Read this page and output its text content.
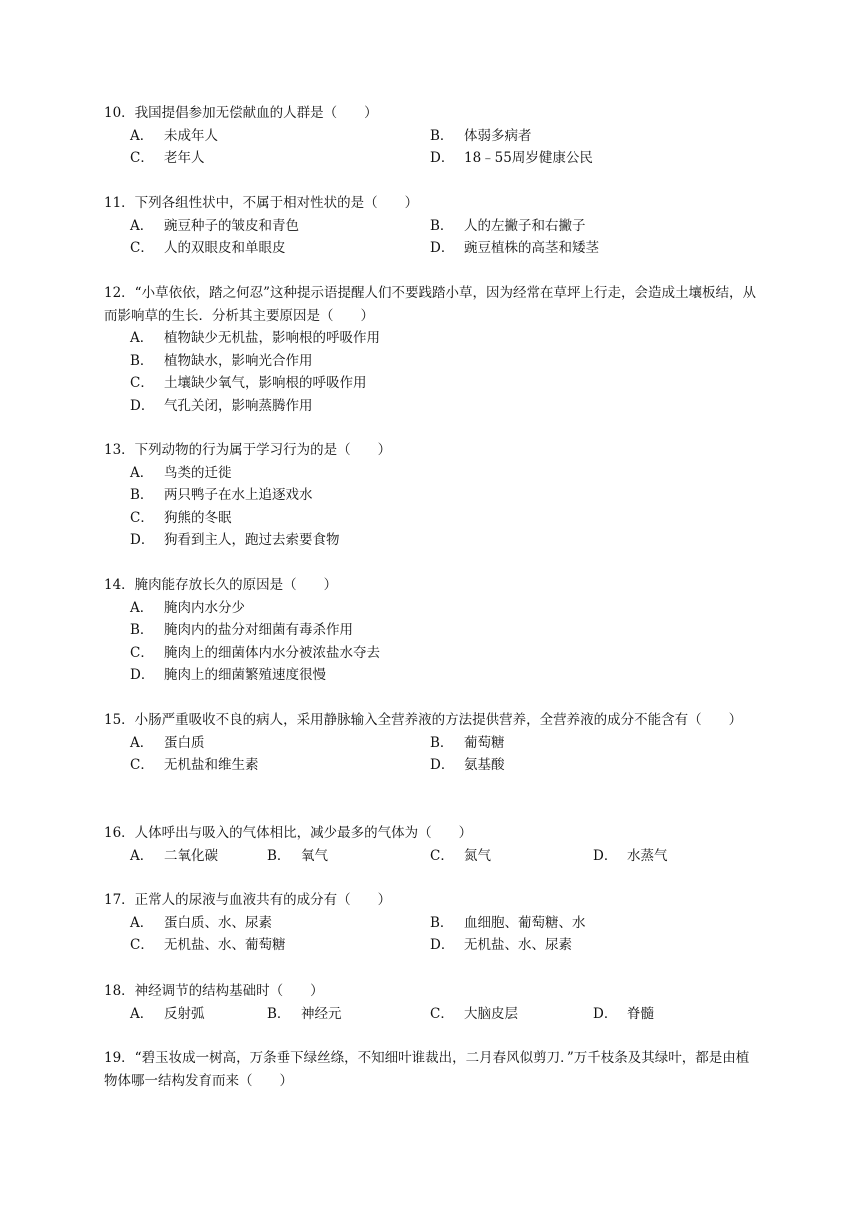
10．我国提倡参加无偿献血的人群是（　　）
A． 未成年人	B． 体弱多病者
C． 老年人	D． 18﹣55周岁健康公民
11．下列各组性状中，不属于相对性状的是（　　）
A． 豌豆种子的皱皮和青色	B． 人的左撇子和右撇子
C． 人的双眼皮和单眼皮	D． 豌豆植株的高茎和矮茎
12．“小草依依，踏之何忍”这种提示语提醒人们不要践踏小草，因为经常在草坪上行走，会造成土壤板结，从而影响草的生长．分析其主要原因是（　　）
A． 植物缺少无机盐，影响根的呼吸作用
B． 植物缺水，影响光合作用
C． 土壤缺少氧气，影响根的呼吸作用
D． 气孔关闭，影响蒸腾作用
13．下列动物的行为属于学习行为的是（　　）
A． 鸟类的迁徙
B． 两只鸭子在水上追逐戏水
C． 狗熊的冬眠
D． 狗看到主人，跑过去索要食物
14．腌肉能存放长久的原因是（　　）
A． 腌肉内水分少
B． 腌肉内的盐分对细菌有毒杀作用
C． 腌肉上的细菌体内水分被浓盐水夺去
D． 腌肉上的细菌繁殖速度很慢
15．小肠严重吸收不良的病人，采用静脉输入全营养液的方法提供营养，全营养液的成分不能含有（　　）
A． 蛋白质	B． 葡萄糖
C． 无机盐和维生素	D． 氨基酸
16．人体呼出与吸入的气体相比，减少最多的气体为（　　）
A． 二氧化碳	B． 氧气	C． 氮气	D． 水蒸气
17．正常人的尿液与血液共有的成分有（　　）
A． 蛋白质、水、尿素	B． 血细胞、葡萄糖、水
C． 无机盐、水、葡萄糖	D． 无机盐、水、尿素
18．神经调节的结构基础时（　　）
A． 反射弧	B． 神经元	C． 大脑皮层	D． 脊髓
19．“碧玉妆成一树高，万条垂下绿丝绦，不知细叶谁裁出，二月春风似剪刀．”万千枝条及其绿叶，都是由植物体哪一结构发育而来（　　）
